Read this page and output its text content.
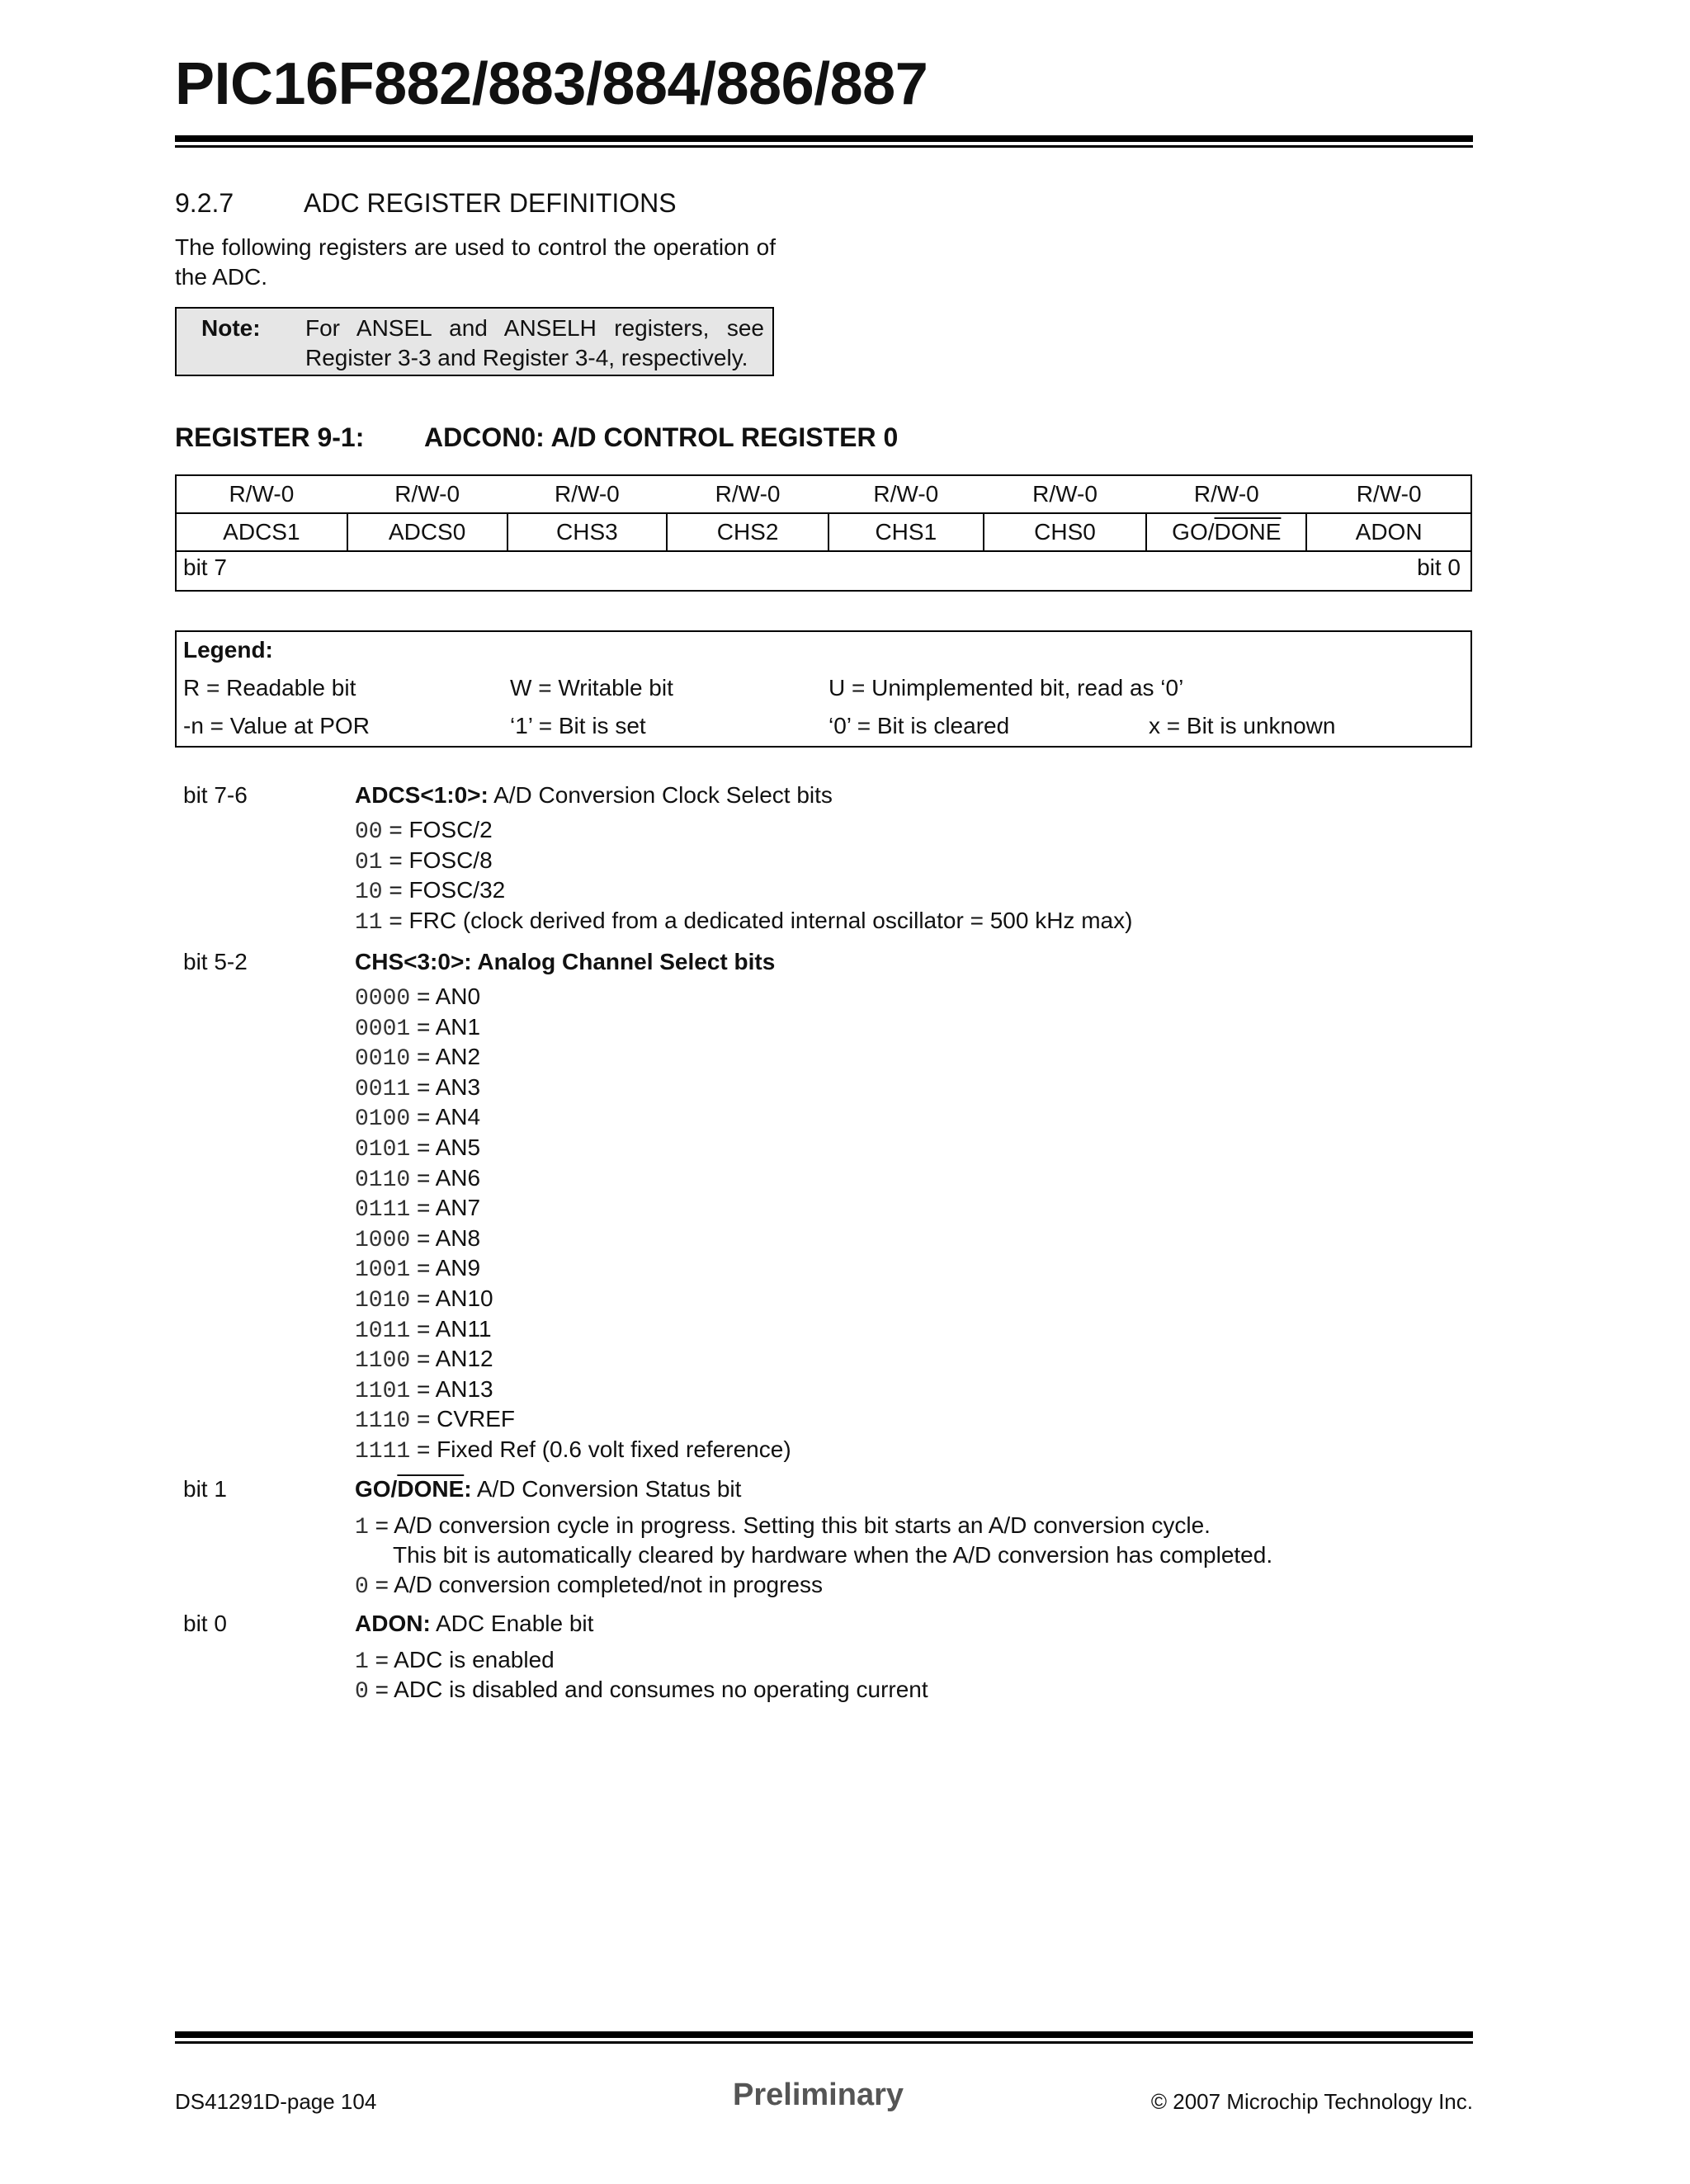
PIC16F882/883/884/886/887
9.2.7	ADC REGISTER DEFINITIONS

The following registers are used to control the operation of the ADC.

Note: For ANSEL and ANSELH registers, see Register 3-3 and Register 3-4, respectively.
REGISTER 9-1: ADCON0: A/D CONTROL REGISTER 0
R/W-0	R/W-0	R/W-0	R/W-0	R/W-0	R/W-0	R/W-0	R/W-0
ADCS1	ADCS0	CHS3	CHS2	CHS1	CHS0	GO/DONE	ADON
bit 7	bit 0
Legend:
R = Readable bit	W = Writable bit	U = Unimplemented bit, read as ‘0’
-n = Value at POR	‘1’ = Bit is set	‘0’ = Bit is cleared	x = Bit is unknown
bit 7-6	ADCS<1:0>: A/D Conversion Clock Select bits
00 = FOSC/2
01 = FOSC/8
10 = FOSC/32
11 = FRC (clock derived from a dedicated internal oscillator = 500 kHz max)
bit 5-2	CHS<3:0>: Analog Channel Select bits
0000 = AN0
0001 = AN1
0010 = AN2
0011 = AN3
0100 = AN4
0101 = AN5
0110 = AN6
0111 = AN7
1000 = AN8
1001 = AN9
1010 = AN10
1011 = AN11
1100 = AN12
1101 = AN13
1110 = CVREF
1111 = Fixed Ref (0.6 volt fixed reference)
bit 1	GO/DONE: A/D Conversion Status bit
1 = A/D conversion cycle in progress. Setting this bit starts an A/D conversion cycle.
This bit is automatically cleared by hardware when the A/D conversion has completed.
0 = A/D conversion completed/not in progress
bit 0	ADON: ADC Enable bit
1 = ADC is enabled
0 = ADC is disabled and consumes no operating current
DS41291D-page 104	Preliminary	© 2007 Microchip Technology Inc.
